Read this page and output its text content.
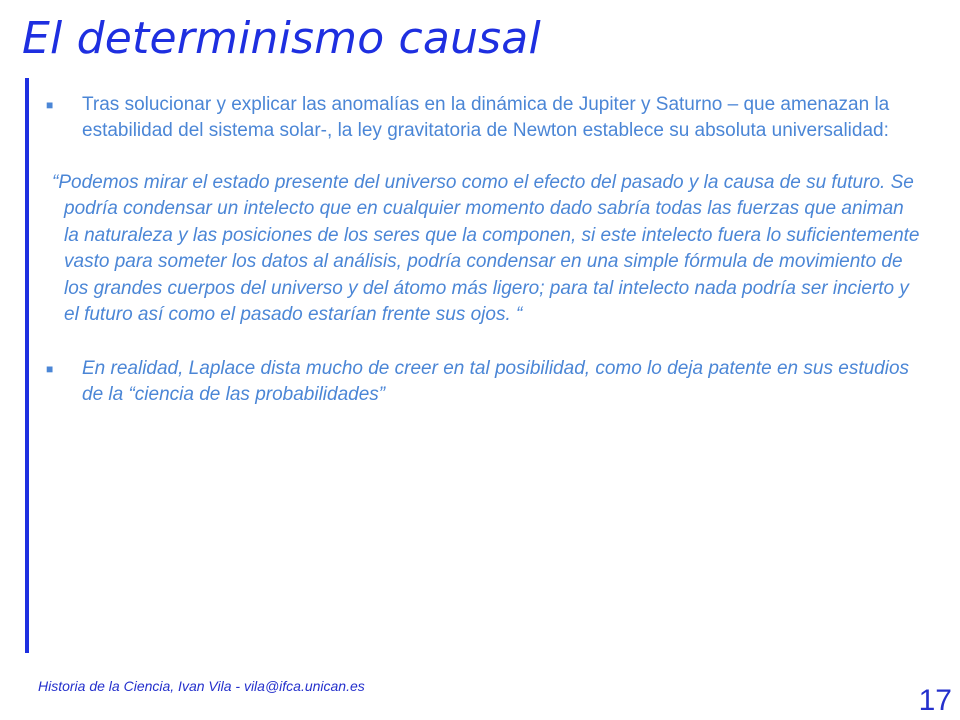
El determinismo causal

■ Tras solucionar y explicar las anomalías en la dinámica de Jupiter y Saturno – que amenazan la estabilidad del sistema solar-, la ley gravitatoria de Newton establece su absoluta universalidad:

“Podemos mirar el estado presente del universo como el efecto del pasado y la causa de su futuro. Se podría condensar un intelecto que en cualquier momento dado sabría todas las fuerzas que animan la naturaleza y las posiciones de los seres que la componen, si este intelecto fuera lo suficientemente vasto para someter los datos al análisis, podría condensar en una simple fórmula de movimiento de los grandes cuerpos del universo y del átomo más ligero; para tal intelecto nada podría ser incierto y el futuro así como el pasado estarían frente sus ojos. “

■ En realidad, Laplace dista mucho de creer en tal posibilidad, como lo deja patente en sus estudios de la “ciencia de las probabilidades”

Historia de la Ciencia, Ivan Vila - vila@ifca.unican.es	17
